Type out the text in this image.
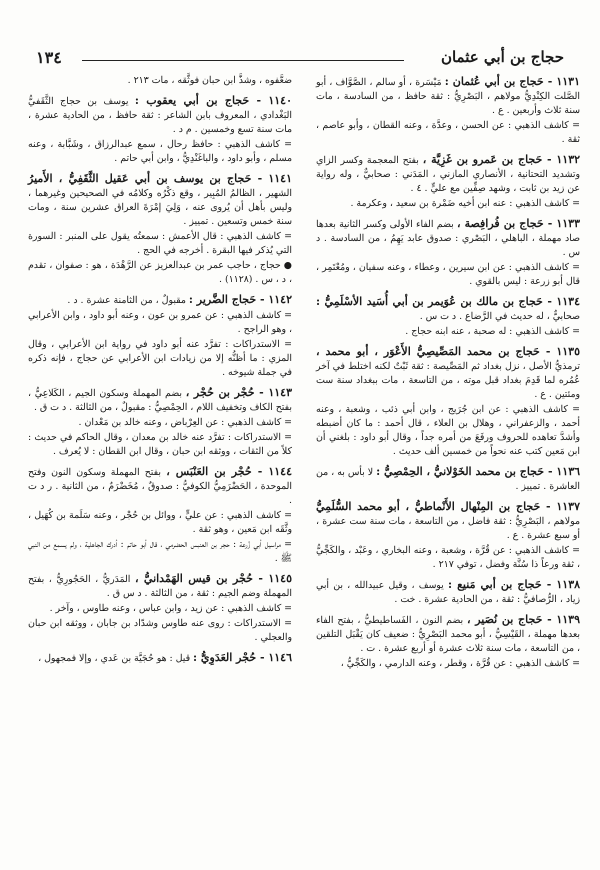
١٣٤	حجاج بن أبي عثمان
١١٣١ - حَجاج بن أبي عُثمان : مَيْسَرة ، أو سالم ، الصَّوَّاف ، أبو الصَّلت الكِنْدِيُّ مولاهم ، البَصْرِيُّ : ثقة حافظ ، من السادسة ، مات سنة ثلاث وأربعين . ع .
= كاشف الذهبي : عن الحسن ، وعدَّة ، وعنه القطان ، وأبو عاصم ، ثقة .
١١٣٢ - حَجاج بن عَمرو بن غَزِيَّة ، بفتح المعجمة وكسر الزاي وتشديد التحتانية ، الأنصاري المازني ، المَدَني : صحابيٌّ ، وله رواية عن زيد بن ثابت ، وشهد صِفِّين مع عليٍّ . ٤ .
= كاشف الذهبي : عنه ابن أخيه ضَمْرة بن سعيد ، وعكرمة .
١١٣٣ - حَجاج بن فُرافِصة ، بضم الفاء الأولى وكسر الثانية بعدها صاد مهملة ، الباهلي ، البَصْري : صدوق عابد يَهِمُ ، من السادسة . د س .
= كاشف الذهبي : عن ابن سيرين ، وعطاء ، وعنه سفيان ، ومُعْتَمِر ، قال أبو زرعة : ليس بالقوي .
١١٣٤ - حَجاج بن مالك بن عُوَيمر بن أبي أُسَيد الأسْلَمِيُّ : صحابيٌّ ، له حديث في الرَّضاع . د ت س .
= كاشف الذهبي : له صحبة ، عنه ابنه حجاج .
١١٣٥ - حَجاج بن محمد المَصِّيصِيُّ الأَعْوَر ، أبو محمد ، ترمذيُّ الأصل ، نزل بغداد ثم المَصِّيصة : ثقة ثَبْتٌ لكنه اختلط في آخر عُمُره لما قَدِمَ بغداد قبل موته ، من التاسعة ، مات ببغداد سنة ست ومئتين . ع .
= كاشف الذهبي : عن ابن جُرَيج ، وابن أبي ذئب ، وشعبة ، وعنه أحمد ، والزعفراني ، وهلال بن العلاء ، قال أحمد : ما كان أضبطه وأشدَّ تعاهده للحروف ورفَعَ من أمره جداً ، وقال أبو داود : بلغني أن ابن مَعين كتب عنه نحواً من خمسين ألف حديث .
١١٣٦ - حَجاج بن محمد الخَوْلانيُّ ، الحِمْصِيُّ : لا بأس به ، من العاشرة . تمييز .
١١٣٧ - حَجاج بن المِنْهال الأَنْماطيُّ ، أبو محمد السُّلَمِيُّ مولاهم ، البَصْرِيُّ : ثقة فاضل ، من التاسعة ، مات سنة ست عشرة ، أو سبع عشرة . ع .
= كاشف الذهبي : عن قُرَّة ، وشعبة ، وعنه البخاري ، وعَبْد ، والكَجِّيُّ ، ثقة ورعاً ذا سُنَّة وفضل ، توفي ٢١٧ .
١١٣٨ - حَجاج بن أبي مَنيع : يوسف ، وقيل عبيدالله ، بن أبي زياد ، الرُّصافيُّ : ثقة ، من الحادية عشرة . خت .
١١٣٩ - حَجاج بن نُصَير ، بضم النون ، الفَساطيطيُّ ، بفتح الفاء بعدها مهملة ، القَيْسِيُّ ، أبو محمد البَصْرِيُّ : ضعيف كان يَقْبَل التلقين ، من التاسعة ، مات سنة ثلاث عشرة أو أربع عشرة . ت .
= كاشف الذهبي : عن قُرَّة ، وقطر ، وعنه الدارمي ، والكَجِّيُّ ،
ضعَّفوه ، وشذَّ ابن حبان فوثَّقه ، مات ٢١٣ .
١١٤٠ - حَجاج بن أبي يعقوب : يوسف بن حجاج الثَّقَفيُّ البَغْدادي ، المعروف بابن الشاعر : ثقة حافظ ، من الحادية عشرة ، مات سنة تسع وخمسين . م د .
= كاشف الذهبي : حافظ رحال ، سمع عبدالرزاق ، وشَبَّابة ، وعنه مسلم ، وأبو داود ، والباغَنْدِيُّ ، وابن أبي حاتم .
١١٤١ - حَجاج بن يوسف بن أبي عَقيل الثَّقَفِيُّ ، الأَميرُ الشهير ، الظالمُ المُبِير ، وقع ذكْرُه وكلامُه في الصحيحين وغيرهما ، وليس بأهل أن يُروى عنه ، وَلِيَ إمْرَةَ العراق عشرين سنة ، ومات سنة خمس وتسعين . تمييز .
= كاشف الذهبي : قال الأعمش : سمعتُه يقول على المنبر : السورة التي يُذكر فيها البقرة . أخرجه في الحج .
● حجاج ، حاجب عمر بن عبدالعزيز عن الرَّهْدَة ، هو : صفوان ، تقدم ، د ، س . (١١٢٨) .
١١٤٢ - حَجاج الضَّرير : مقبولٌ ، من الثامنة عشرة . د .
= كاشف الذهبي : عن عمرو بن عون ، وعنه أبو داود ، وابن الأعرابي ، وهو الراجح .
= الاستدراكات : تفرَّد عنه أبو داود في رواية ابن الأعرابي ، وقال المزي : ما أظنُّه إلا من زيادات ابن الأعرابي عن حجاج ، فإنه ذكره في جملة شيوخه .
١١٤٣ - حُجْر بن حُجْر ، بضم المهملة وسكون الجيم ، الكَلاعِيُّ ، بفتح الكاف وتخفيف اللام ، الحِمْصِيُّ : مقبولٌ ، من الثالثة . د ت ق .
= كاشف الذهبي : عن العِرْباض ، وعنه خالد بن مَعْدان .
= الاستدراكات : تفرَّد عنه خالد بن معدان ، وقال الحاكم في حديث : كلاً من الثقات ، ووثقه ابن حبان ، وقال ابن القطان : لا يُعرف .
١١٤٤ - حُجْر بن العَنْبَس ، بفتح المهملة وسكون النون وفتح الموحدة ، الحَضْرَمِيُّ الكوفيُّ : صدوقٌ ، مُخَضْرَمٌ ، من الثانية . ر د ت .
= كاشف الذهبي : عن عليٍّ ، ووائل بن حُجْر ، وعنه سَلَمة بن كُهَيل ، وثَّقَه ابن مَعين ، وهو ثقة .
= مراسيل أبي زُرعة : حجر بن العنبس الحضرمي ، قال أبو حاتم : أدرك الجاهلية ، ولم يسمع من النبي ﷺ .
١١٤٥ - حُجْر بن قيس الهَمْدانيُّ ، المَدَريُّ ، الحَجُورِيُّ ، بفتح المهملة وضم الجيم : ثقة ، من الثالثة . د س ق .
= كاشف الذهبي : عن زيد ، وابن عباس ، وعنه طاوس ، وآخر .
= الاستدراكات : روى عنه طاوس وشدّاد بن جابان ، ووثقه ابن حبان والعجلي .
١١٤٦ - حُجْر العَدَوِيُّ : قيل : هو حُجَيَّة بن عَدي ، وإلا فمجهول ،
